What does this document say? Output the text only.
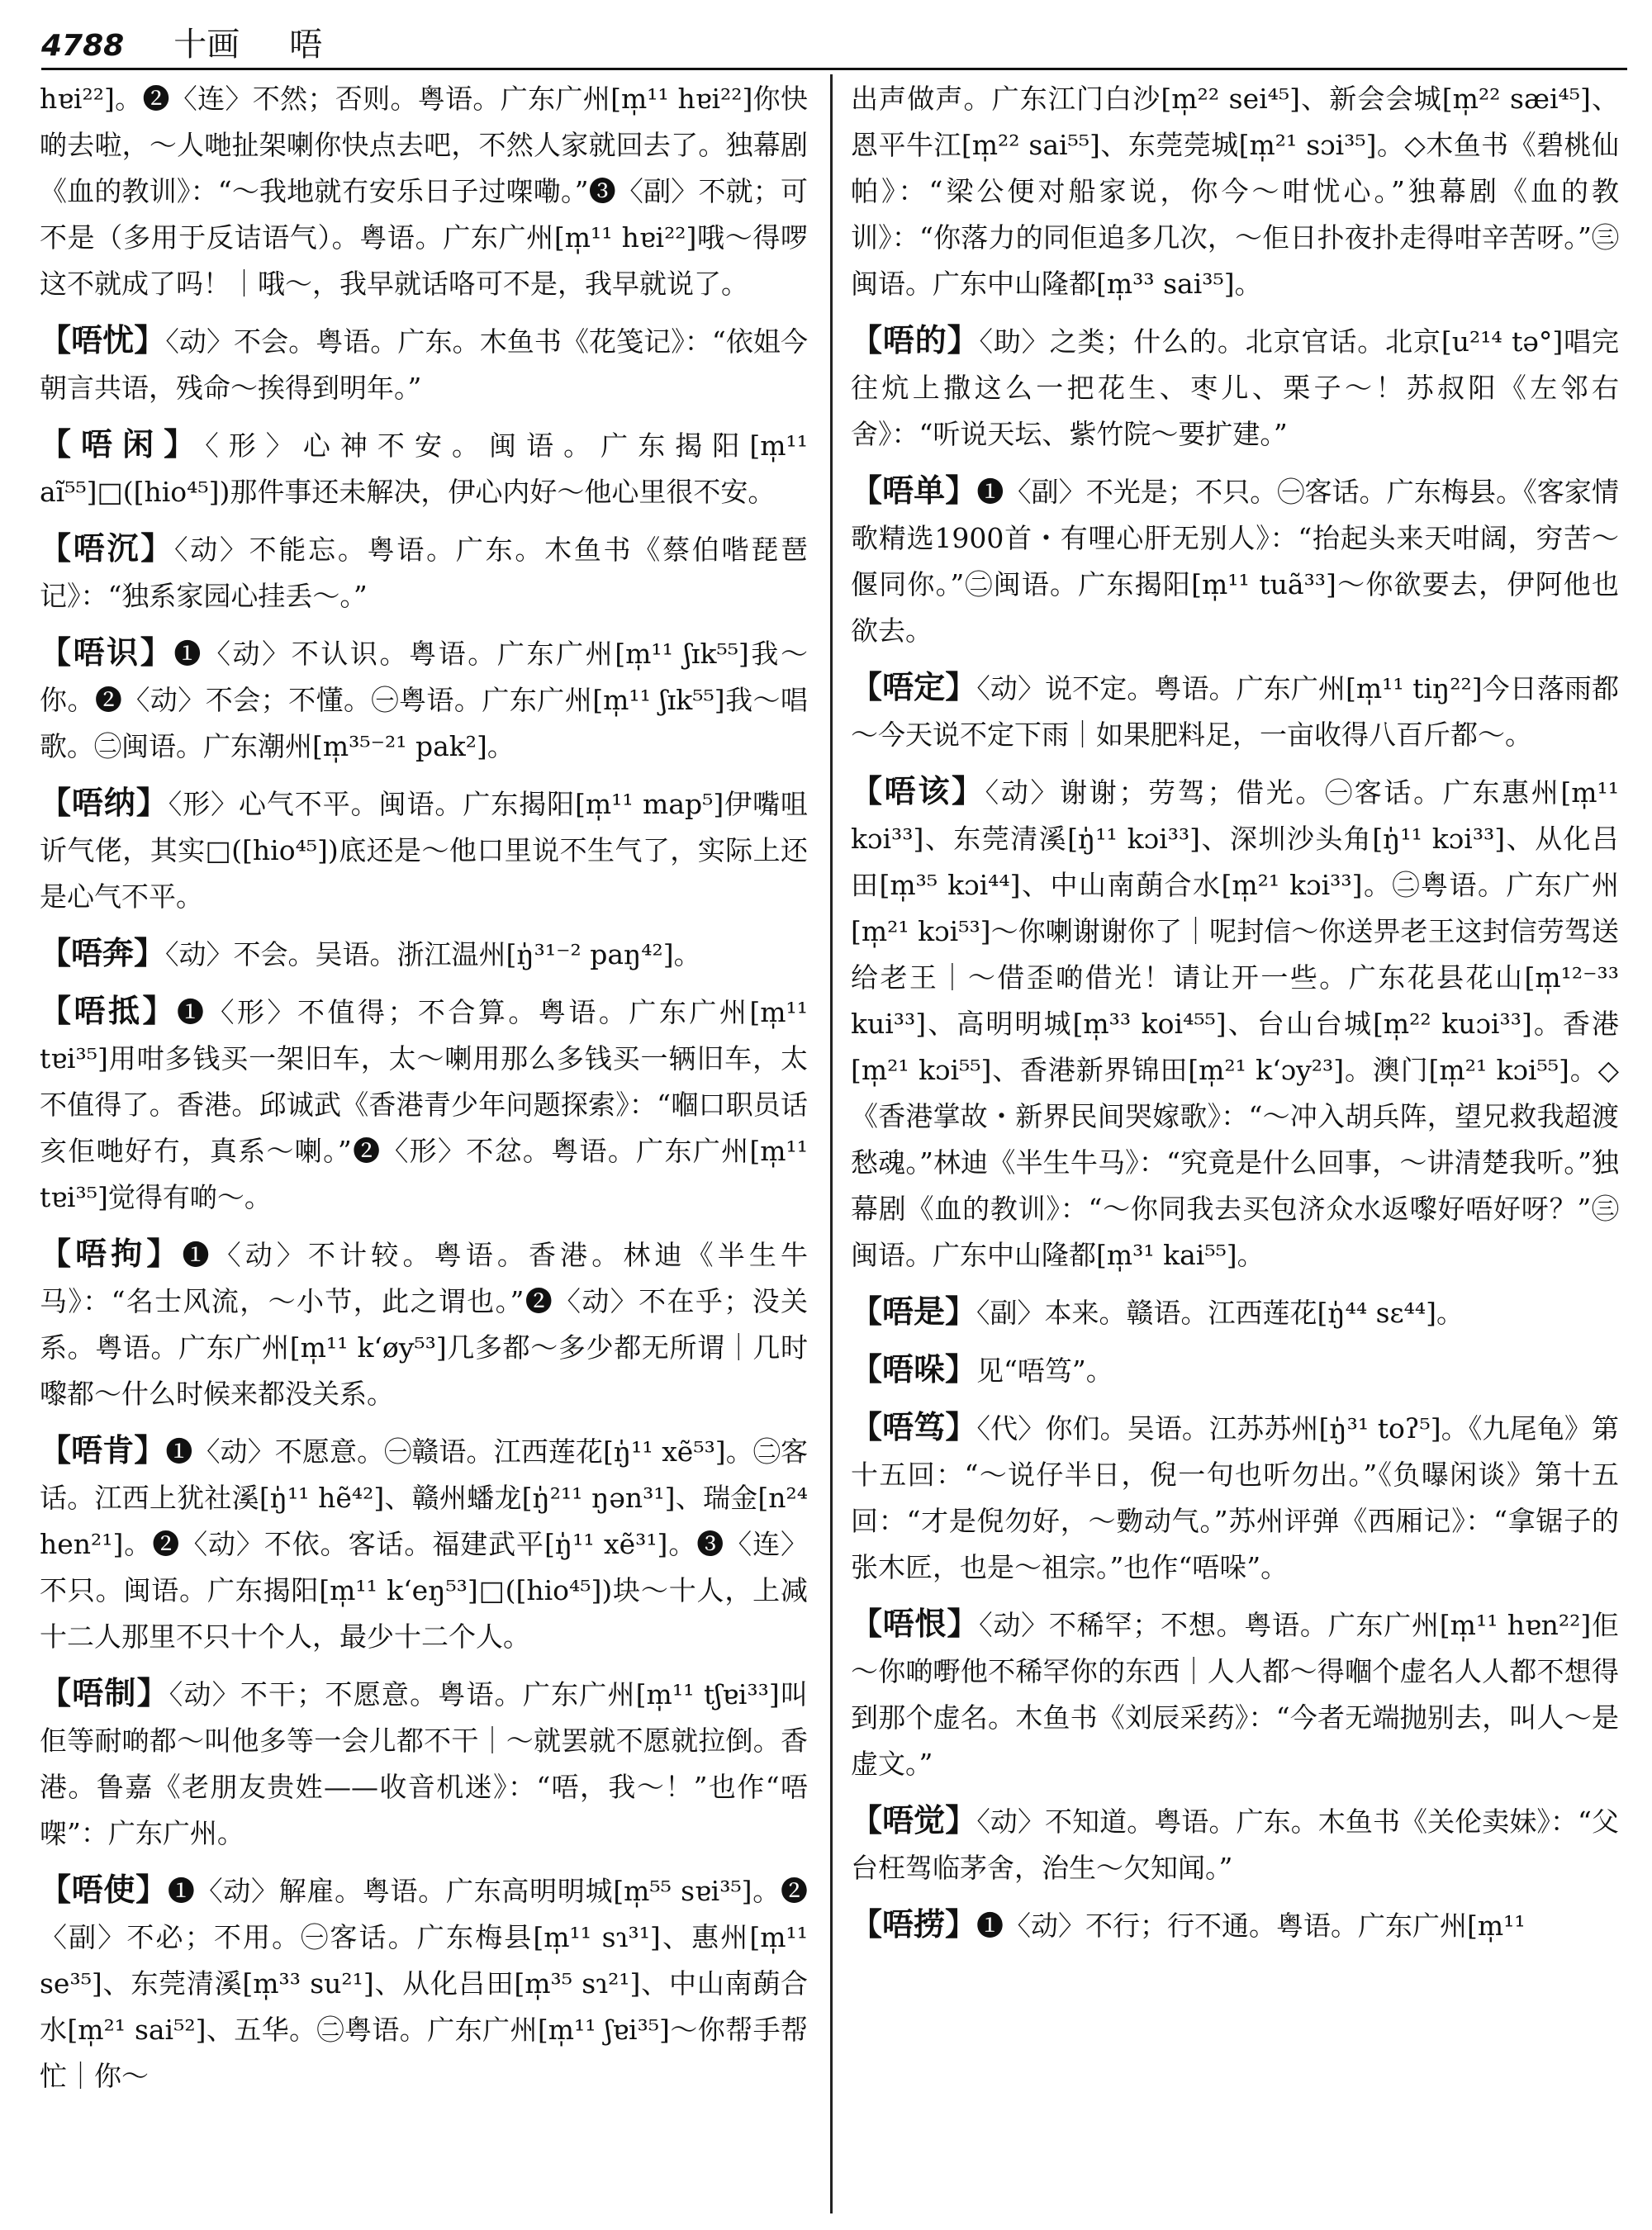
4788 十画 唔
hɐi²²]。❷〈连〉不然；否则。粤语。广东广州[m̩¹¹ hɐi²²]你快啲去啦，～人哋扯架喇你快点去吧，不然人家就回去了。独幕剧《血的教训》：“～我地就冇安乐日子过㗎嘞。”❸〈副〉不就；可不是（多用于反诘语气）。粤语。广东广州[m̩¹¹ hɐi²²]哦～得啰这不就成了吗！｜哦～，我早就话咯可不是，我早就说了。
【唔忧】〈动〉不会。粤语。广东。木鱼书《花笺记》：“依姐今朝言共语，残命～挨得到明年。”
【唔闲】〈形〉心神不安。闽语。广东揭阳[m̩¹¹ aĩ⁵⁵]□([hio⁴⁵])那件事还未解决，伊心内好～他心里很不安。
【唔沉】〈动〉不能忘。粤语。广东。木鱼书《蔡伯喈琵琶记》：“独系家园心挂丢～。”
【唔识】❶〈动〉不认识。粤语。广东广州[m̩¹¹ ʃɪk⁵⁵]我～你。❷〈动〉不会；不懂。㊀粤语。广东广州[m̩¹¹ ʃɪk⁵⁵]我～唱歌。㊁闽语。广东潮州[m̩³⁵⁻²¹ pak²]。
【唔纳】〈形〉心气不平。闽语。广东揭阳[m̩¹¹ map⁵]伊嘴咀䜣气佬，其实□([hio⁴⁵])底还是～他口里说不生气了，实际上还是心气不平。
【唔奔】〈动〉不会。吴语。浙江温州[ŋ̍³¹⁻² paŋ⁴²]。
【唔抵】❶〈形〉不值得；不合算。粤语。广东广州[m̩¹¹ tɐi³⁵]用咁多钱买一架旧车，太～喇用那么多钱买一辆旧车，太不值得了。香港。邱诚武《香港青少年问题探索》：“嗰口职员话亥佢哋好冇，真系～喇。”❷〈形〉不忿。粤语。广东广州[m̩¹¹ tɐi³⁵]觉得有啲～。
【唔拘】❶〈动〉不计较。粤语。香港。林迪《半生牛马》：“名士风流，～小节，此之谓也。”❷〈动〉不在乎；没关系。粤语。广东广州[m̩¹¹ kʻøy⁵³]几多都～多少都无所谓｜几时嚟都～什么时候来都没关系。
【唔肯】❶〈动〉不愿意。㊀赣语。江西莲花[ŋ̍¹¹ xẽ⁵³]。㊁客话。江西上犹社溪[ŋ̍¹¹ hẽ⁴²]、赣州蟠龙[ŋ̍²¹¹ ŋən³¹]、瑞金[n²⁴ hen²¹]。❷〈动〉不依。客话。福建武平[ŋ̍¹¹ xẽ³¹]。❸〈连〉不只。闽语。广东揭阳[m̩¹¹ kʻeŋ⁵³]□([hio⁴⁵])块～十人，上减十二人那里不只十个人，最少十二个人。
【唔制】〈动〉不干；不愿意。粤语。广东广州[m̩¹¹ tʃɐi³³]叫佢等耐啲都～叫他多等一会儿都不干｜～就罢就不愿就拉倒。香港。鲁嘉《老朋友贵姓——收音机迷》：“唔，我～！”也作“唔㗎”：广东广州。
【唔使】❶〈动〉解雇。粤语。广东高明明城[m̩⁵⁵ sɐi³⁵]。❷〈副〉不必；不用。㊀客话。广东梅县[m̩¹¹ sɿ³¹]、惠州[m̩¹¹ se³⁵]、东莞清溪[m̩³³ su²¹]、从化吕田[m̩³⁵ sɿ²¹]、中山南蓢合水[m̩²¹ sai⁵²]、五华。㊁粤语。广东广州[m̩¹¹ ʃɐi³⁵]～你帮手帮忙｜你～
出声做声。广东江门白沙[m̩²² sei⁴⁵]、新会会城[m̩²² sæi⁴⁵]、恩平牛江[m̩²² sai⁵⁵]、东莞莞城[m̩²¹ sɔi³⁵]。◇木鱼书《碧桃仙帕》：“梁公便对船家说，你今～咁忧心。”独幕剧《血的教训》：“你落力的同佢追多几次，～佢日扑夜扑走得咁辛苦呀。”㊂闽语。广东中山隆都[m̩³³ sai³⁵]。
【唔的】〈助〉之类；什么的。北京官话。北京[u²¹⁴ tə°]唱完往炕上撒这么一把花生、枣儿、栗子～！苏叔阳《左邻右舍》：“听说天坛、紫竹院～要扩建。”
【唔单】❶〈副〉不光是；不只。㊀客话。广东梅县。《客家情歌精选1900首・有哩心肝无别人》：“抬起头来天咁阔，穷苦～偃同你。”㊁闽语。广东揭阳[m̩¹¹ tuã³³]～你欲要去，伊阿他也欲去。
【唔定】〈动〉说不定。粤语。广东广州[m̩¹¹ tiŋ²²]今日落雨都～今天说不定下雨｜如果肥料足，一亩收得八百斤都～。
【唔该】〈动〉谢谢；劳驾；借光。㊀客话。广东惠州[m̩¹¹ kɔi³³]、东莞清溪[ŋ̍¹¹ kɔi³³]、深圳沙头角[ŋ̍¹¹ kɔi³³]、从化吕田[m̩³⁵ kɔi⁴⁴]、中山南蓢合水[m̩²¹ kɔi³³]。㊁粤语。广东广州[m̩²¹ kɔi⁵³]～你喇谢谢你了｜呢封信～你送畀老王这封信劳驾送给老王｜～借歪啲借光！请让开一些。广东花县花山[m̩¹²⁻³³ kui³³]、高明明城[m̩³³ koi⁴⁵⁵]、台山台城[m̩²² kuɔi³³]。香港[m̩²¹ kɔi⁵⁵]、香港新界锦田[m̩²¹ kʻɔy²³]。澳门[m̩²¹ kɔi⁵⁵]。◇《香港掌故・新界民间哭嫁歌》：“～冲入胡兵阵，望兄救我超渡愁魂。”林迪《半生牛马》：“究竟是什么回事，～讲清楚我听。”独幕剧《血的教训》：“～你同我去买包济众水返嚟好唔好呀？”㊂闽语。广东中山隆都[m̩³¹ kai⁵⁵]。
【唔是】〈副〉本来。赣语。江西莲花[ŋ̍⁴⁴ sɛ⁴⁴]。
【唔哚】见“唔笃”。
【唔笃】〈代〉你们。吴语。江苏苏州[ŋ̍³¹ toʔ⁵]。《九尾龟》第十五回：“～说仔半日，倪一句也听勿出。”《负曝闲谈》第十五回：“才是倪勿好，～覅动气。”苏州评弹《西厢记》：“拿锯子的张木匠，也是～祖宗。”也作“唔哚”。
【唔恨】〈动〉不稀罕；不想。粤语。广东广州[m̩¹¹ hɐn²²]佢～你啲嘢他不稀罕你的东西｜人人都～得嗰个虚名人人都不想得到那个虚名。木鱼书《刘辰采药》：“今者无端抛别去，叫人～是虚文。”
【唔觉】〈动〉不知道。粤语。广东。木鱼书《关伦卖妹》：“父台枉驾临茅舍，治生～欠知闻。”
【唔捞】❶〈动〉不行；行不通。粤语。广东广州[m̩¹¹
